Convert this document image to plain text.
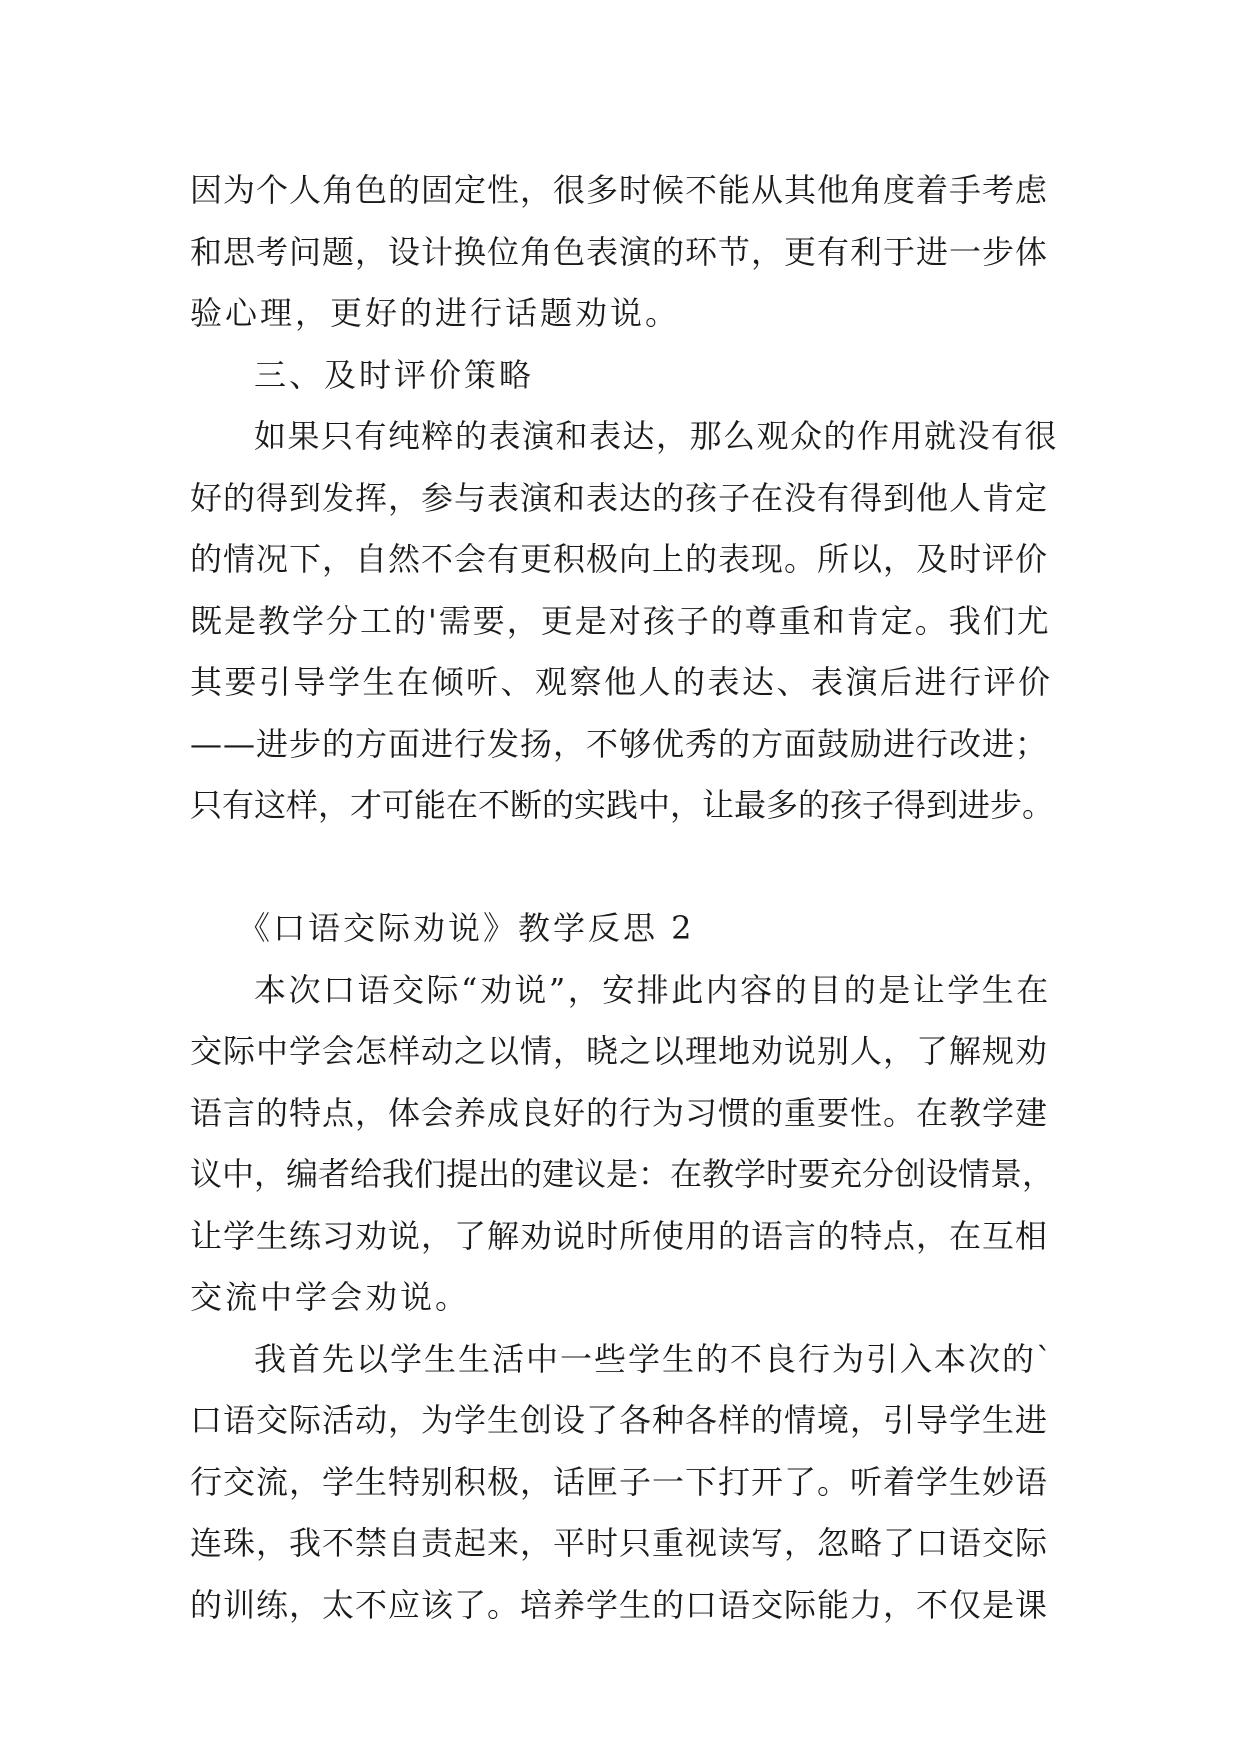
因为个人角色的固定性，很多时候不能从其他角度着手考虑
和思考问题，设计换位角色表演的环节，更有利于进一步体
验心理，更好的进行话题劝说。
三、及时评价策略
如果只有纯粹的表演和表达，那么观众的作用就没有很
好的得到发挥，参与表演和表达的孩子在没有得到他人肯定
的情况下，自然不会有更积极向上的表现。所以，及时评价
既是教学分工的'需要，更是对孩子的尊重和肯定。我们尤
其要引导学生在倾听、观察他人的表达、表演后进行评价
——进步的方面进行发扬，不够优秀的方面鼓励进行改进；
只有这样，才可能在不断的实践中，让最多的孩子得到进步。
《口语交际劝说》教学反思 2
本次口语交际“劝说”，安排此内容的目的是让学生在
交际中学会怎样动之以情，晓之以理地劝说别人，了解规劝
语言的特点，体会养成良好的行为习惯的重要性。在教学建
议中，编者给我们提出的建议是：在教学时要充分创设情景，
让学生练习劝说，了解劝说时所使用的语言的特点，在互相
交流中学会劝说。
我首先以学生生活中一些学生的不良行为引入本次的`
口语交际活动，为学生创设了各种各样的情境，引导学生进
行交流，学生特别积极，话匣子一下打开了。听着学生妙语
连珠，我不禁自责起来，平时只重视读写，忽略了口语交际
的训练，太不应该了。培养学生的口语交际能力，不仅是课
